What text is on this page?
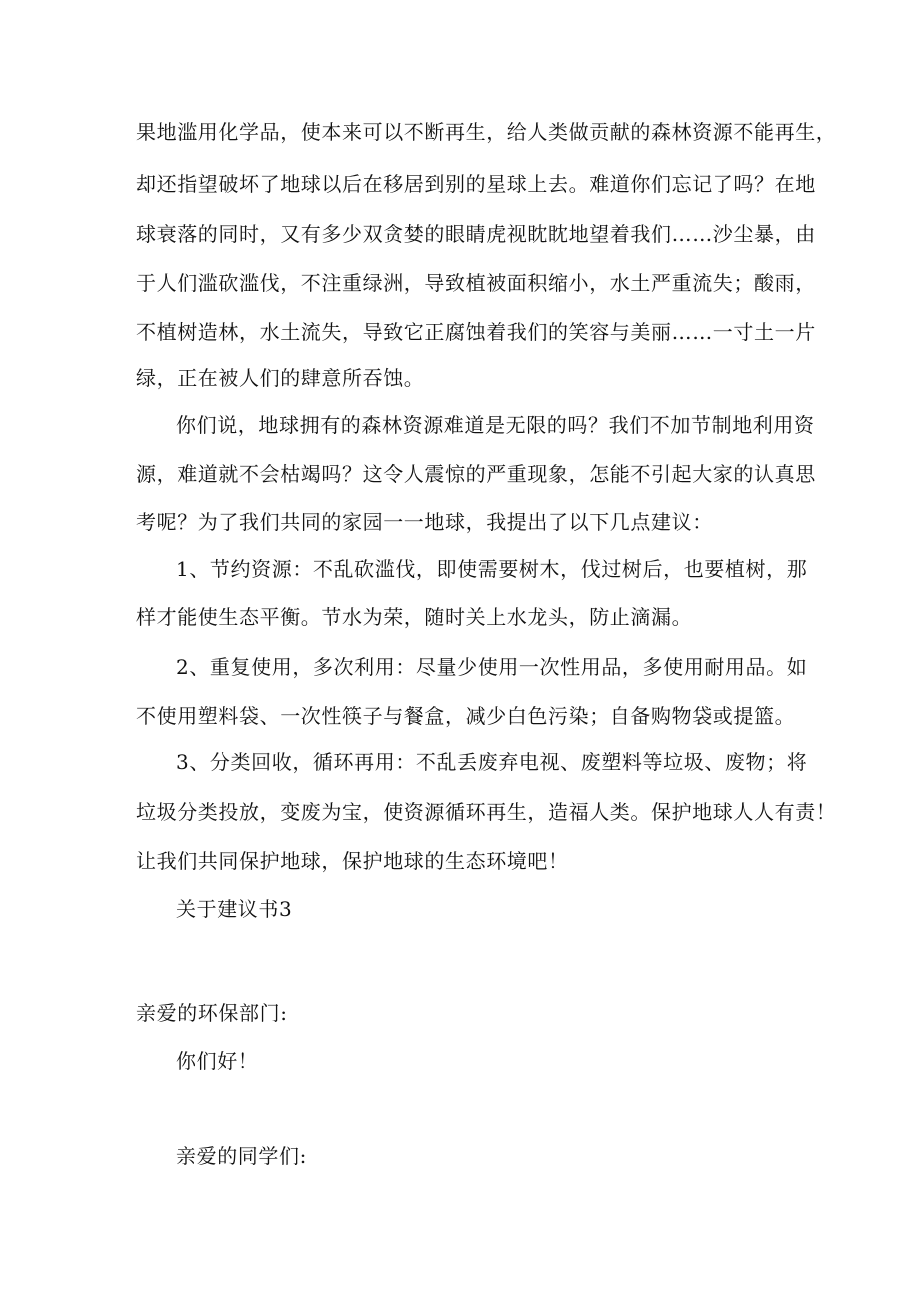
果地滥用化学品，使本来可以不断再生，给人类做贡献的森林资源不能再生，
却还指望破坏了地球以后在移居到别的星球上去。难道你们忘记了吗？在地
球衰落的同时，又有多少双贪婪的眼睛虎视眈眈地望着我们……沙尘暴，由
于人们滥砍滥伐，不注重绿洲，导致植被面积缩小，水土严重流失；酸雨，
不植树造林，水土流失，导致它正腐蚀着我们的笑容与美丽……一寸土一片
绿，正在被人们的肆意所吞蚀。
你们说，地球拥有的森林资源难道是无限的吗？我们不加节制地利用资
源，难道就不会枯竭吗？这令人震惊的严重现象，怎能不引起大家的认真思
考呢？为了我们共同的家园一一地球，我提出了以下几点建议：
1、节约资源：不乱砍滥伐，即使需要树木，伐过树后，也要植树，那
样才能使生态平衡。节水为荣，随时关上水龙头，防止滴漏。
2、重复使用，多次利用：尽量少使用一次性用品，多使用耐用品。如
不使用塑料袋、一次性筷子与餐盒，减少白色污染；自备购物袋或提篮。
3、分类回收，循环再用：不乱丢废弃电视、废塑料等垃圾、废物；将
垃圾分类投放，变废为宝，使资源循环再生，造福人类。保护地球人人有责！
让我们共同保护地球，保护地球的生态环境吧！
关于建议书3
亲爱的环保部门:
你们好！
亲爱的同学们:
